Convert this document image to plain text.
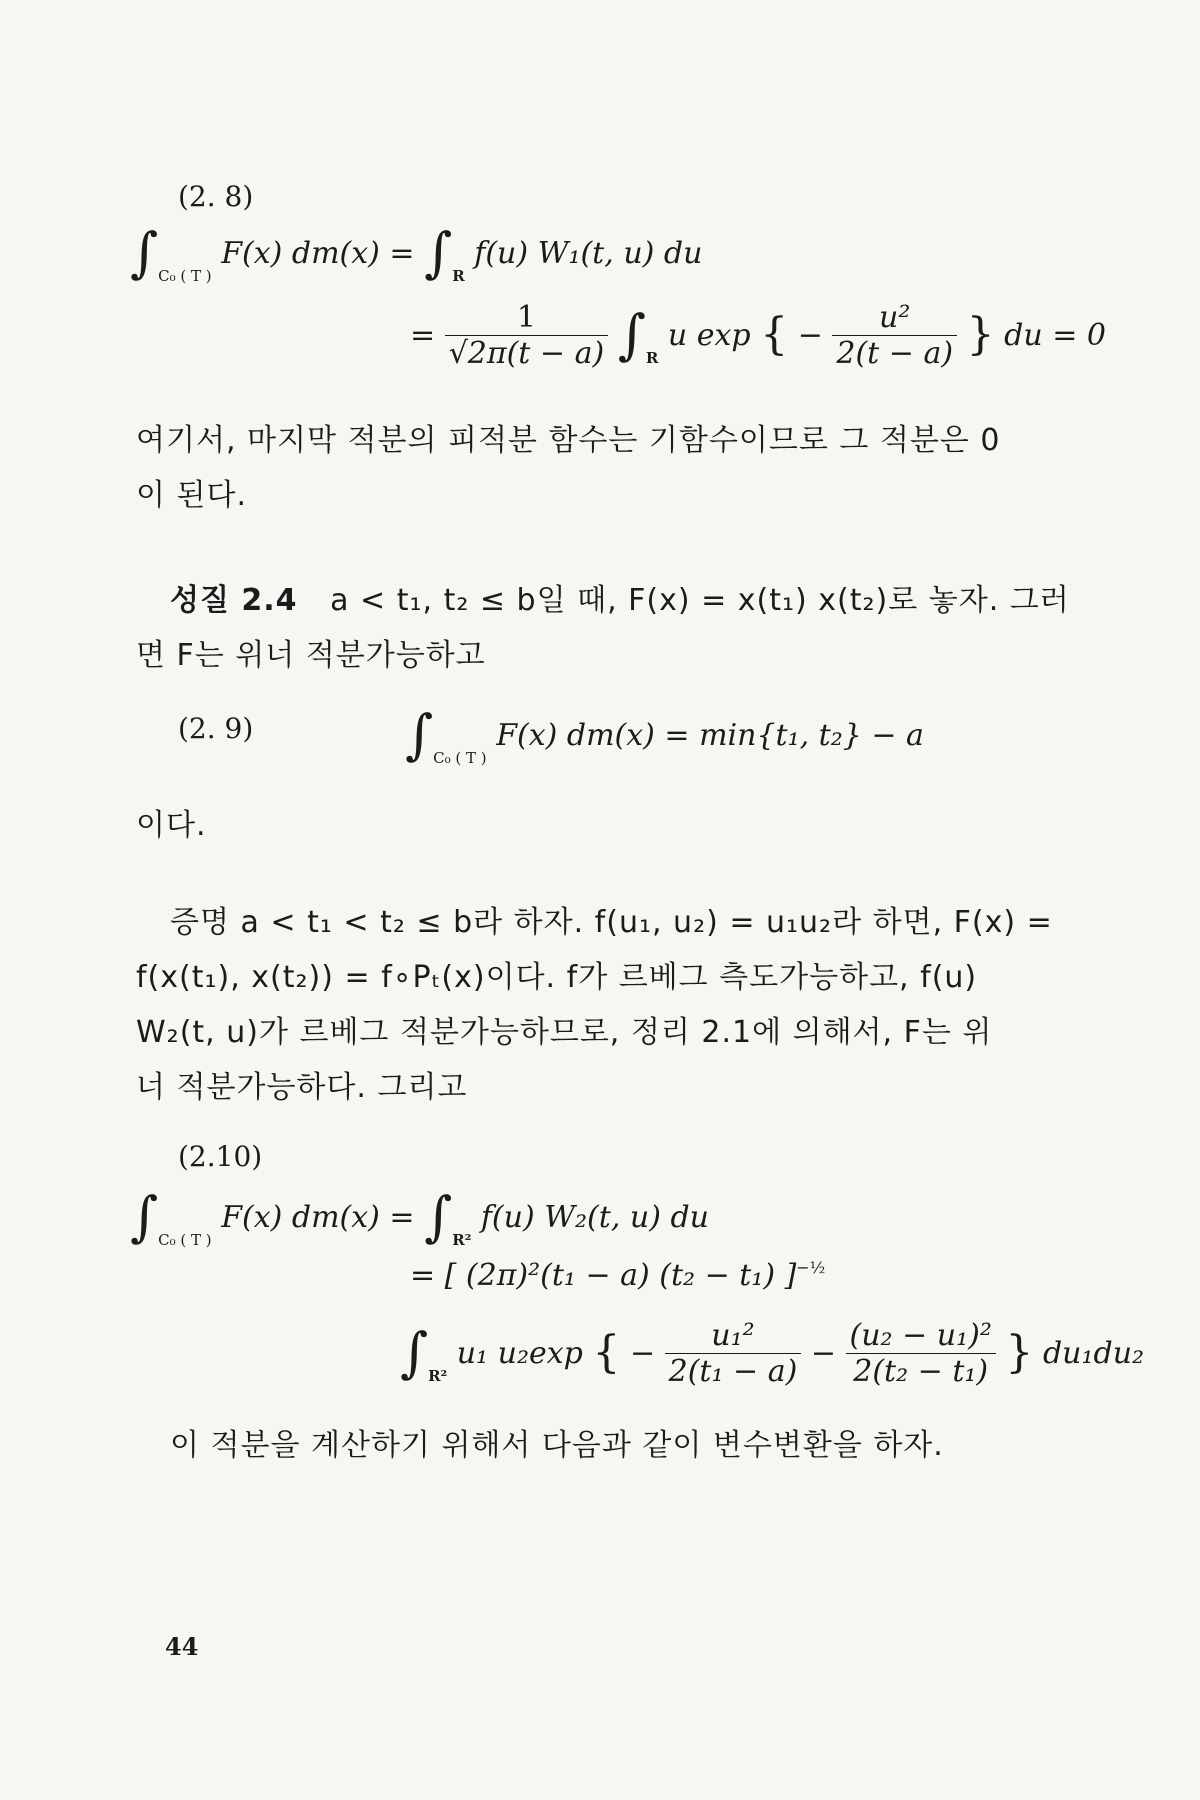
(2. 8)
$\int_{C_0 ( T )}$ F(x) $dm(x) = \int_R$ f(u) W₁(t, u) du
= $\frac{1}{√2\pi(t - a)} \int_R$ u exp { − $\frac{\text{u²}}{2(t - a)}$ } du = 0
여기서, 마지막 적분의 피적분 함수는 기함수이므로 그 적분은 0
이 된다.
성질 2.4 a < t₁, t₂ ≤ b일 때, F(x) = x(t₁) x(t₂)로 놓자. 그러
면 F는 위너 적분가능하고
(2. 9)	$\int_{C_0 ( T )}$ F(x) dm(x) = min{t₁, t₂} − a
이다.
증명 a < t₁ < t₂ ≤ b라 하자. f(u₁, u₂) = u₁u₂라 하면, F(x) =
f(x(t₁), x(t₂)) = f∘Pₜ(x)이다. f가 르베그 측도가능하고, f(u)
W₂(t, u)가 르베그 적분가능하므로, 정리 2.1에 의해서, F는 위
너 적분가능하다. 그리고
(2.10)
$\int_{C_0 ( T )}$ F(x) $dm(x) = \int_{R^2}$ f(u) W₂(t, u) du
= [ (2π)²(t₁ − a) (t₂ − t₁) ]$^{-\frac{1}{2}}$
$\int_{R^2}$ u₁ u₂exp { − $\frac{\text{u₁²}}{\text{2(t₁ − a)}} - \frac{\text{(u₂ − u₁)²}}{\text{2(t₂ − t₁)}}$ } du₁du₂
이 적분을 계산하기 위해서 다음과 같이 변수변환을 하자.
44
